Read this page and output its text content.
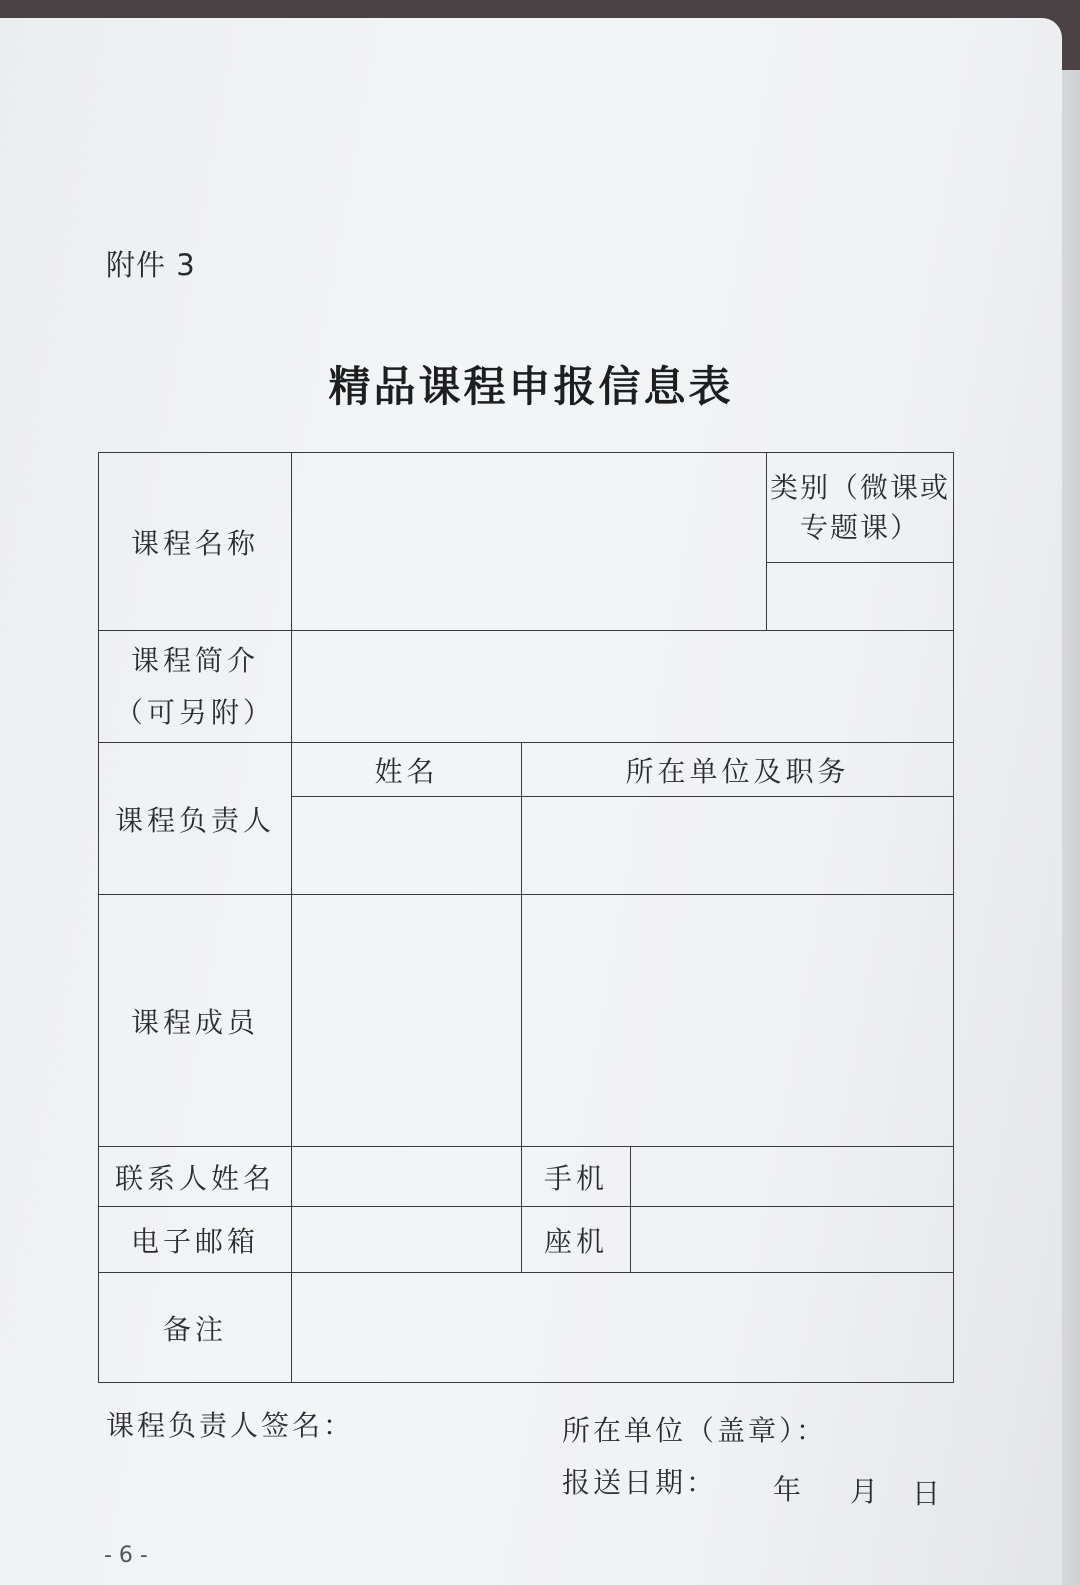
附件 3
精品课程申报信息表
课程名称				类别（微课或
专题课）

课程简介
（可另附）				

课程负责人	姓名	所在单位及职务		

课程成员				
联系人姓名		手机		
电子邮箱		座机		
备注				
课程负责人签名：	所在单位（盖章）：
报送日期： 年 月 日
- 6 -
